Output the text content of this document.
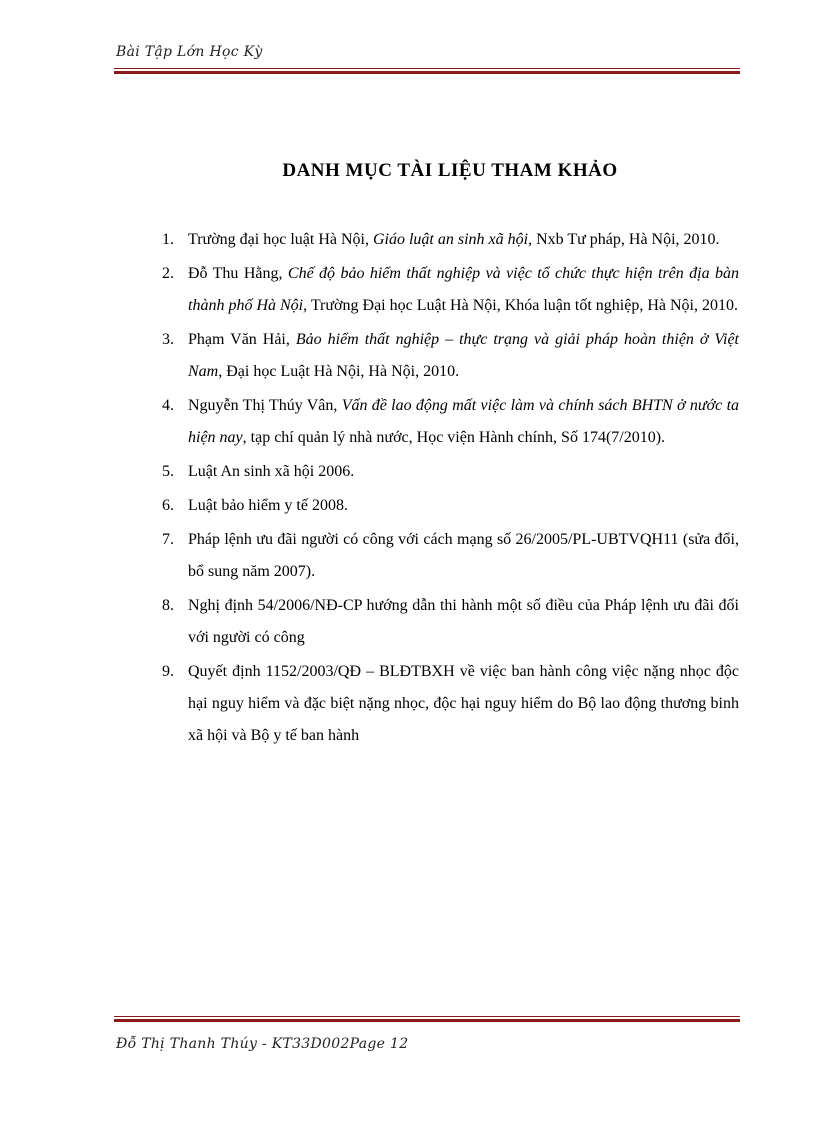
Bài Tập Lớn Học Kỳ
DANH MỤC TÀI LIỆU THAM KHẢO
1. Trường đại học luật Hà Nội, Giáo luật an sinh xã hội, Nxb Tư pháp, Hà Nội, 2010.
2. Đỗ Thu Hằng, Chế độ bảo hiểm thất nghiệp và việc tổ chức thực hiện trên địa bàn thành phố Hà Nội, Trường Đại học Luật Hà Nội, Khóa luận tốt nghiệp, Hà Nội, 2010.
3. Phạm Văn Hải, Bảo hiểm thất nghiệp – thực trạng và giải pháp hoàn thiện ở Việt Nam, Đại học Luật Hà Nội, Hà Nội, 2010.
4. Nguyễn Thị Thúy Vân, Vấn đề lao động mất việc làm và chính sách BHTN ở nước ta hiện nay, tạp chí quản lý nhà nước, Học viện Hành chính, Số 174(7/2010).
5. Luật An sinh xã hội 2006.
6. Luật bảo hiểm y tế 2008.
7. Pháp lệnh ưu đãi người có công với cách mạng số 26/2005/PL-UBTVQH11 (sửa đổi, bổ sung năm 2007).
8. Nghị định 54/2006/NĐ-CP hướng dẫn thi hành một số điều của Pháp lệnh ưu đãi đối với người có công
9. Quyết định 1152/2003/QĐ – BLĐTBXH về việc ban hành công việc nặng nhọc độc hại nguy hiểm và đặc biệt nặng nhọc, độc hại nguy hiểm do Bộ lao động thương binh xã hội và Bộ y tế ban hành
Đỗ Thị Thanh Thúy - KT33D002Page 12
